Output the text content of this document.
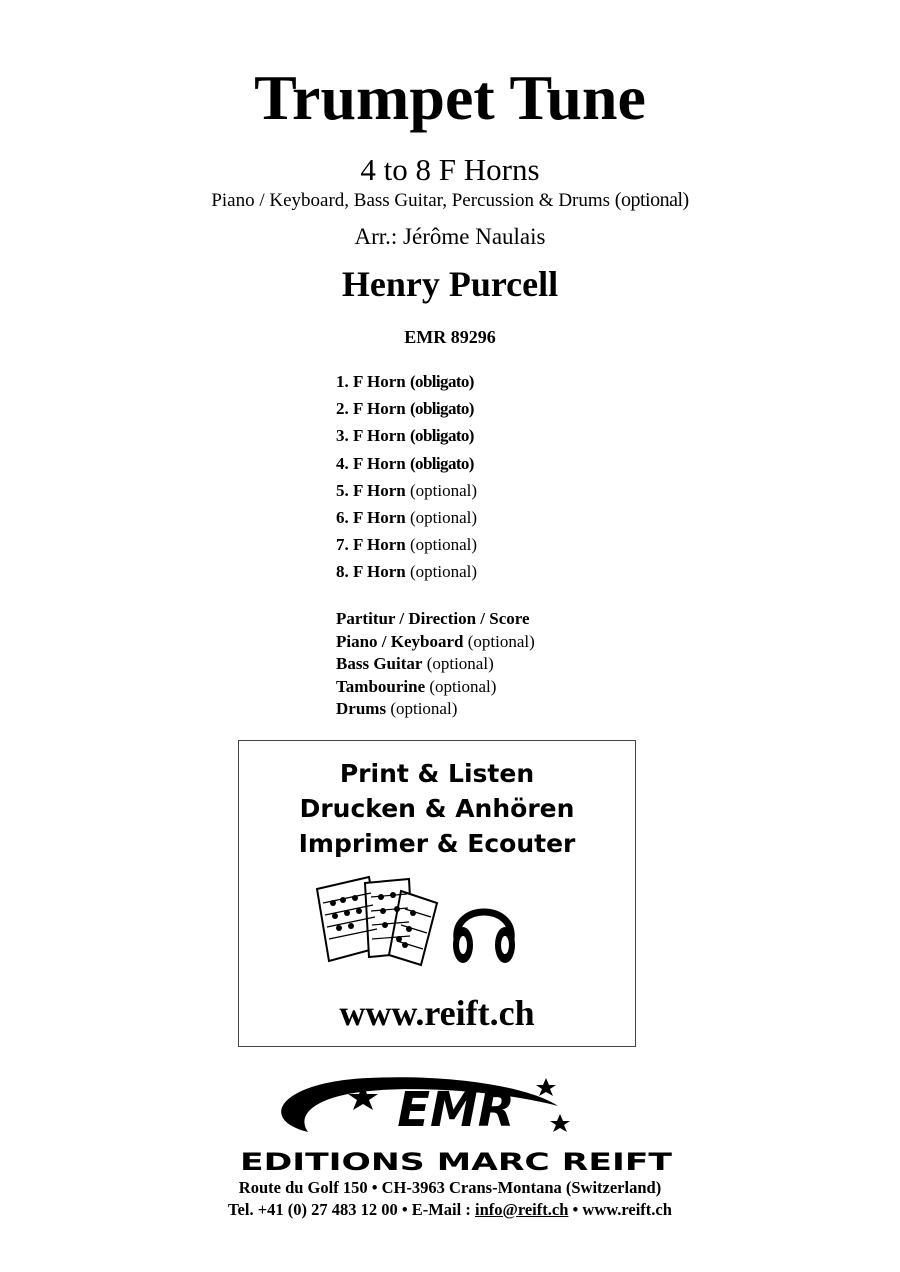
Trumpet Tune
4 to 8 F Horns
Piano / Keyboard, Bass Guitar, Percussion & Drums (optional)
Arr.: Jérôme Naulais
Henry Purcell
EMR 89296
1. F Horn (obligato)
2. F Horn (obligato)
3. F Horn (obligato)
4. F Horn (obligato)
5. F Horn (optional)
6. F Horn (optional)
7. F Horn (optional)
8. F Horn (optional)
Partitur / Direction / Score
Piano / Keyboard (optional)
Bass Guitar (optional)
Tambourine (optional)
Drums (optional)
Print & Listen
Drucken & Anhören
Imprimer & Ecouter
www.reift.ch
EMR
EDITIONS MARC REIFT
Route du Golf 150 • CH-3963 Crans-Montana (Switzerland)
Tel. +41 (0) 27 483 12 00 • E-Mail : info@reift.ch • www.reift.ch
